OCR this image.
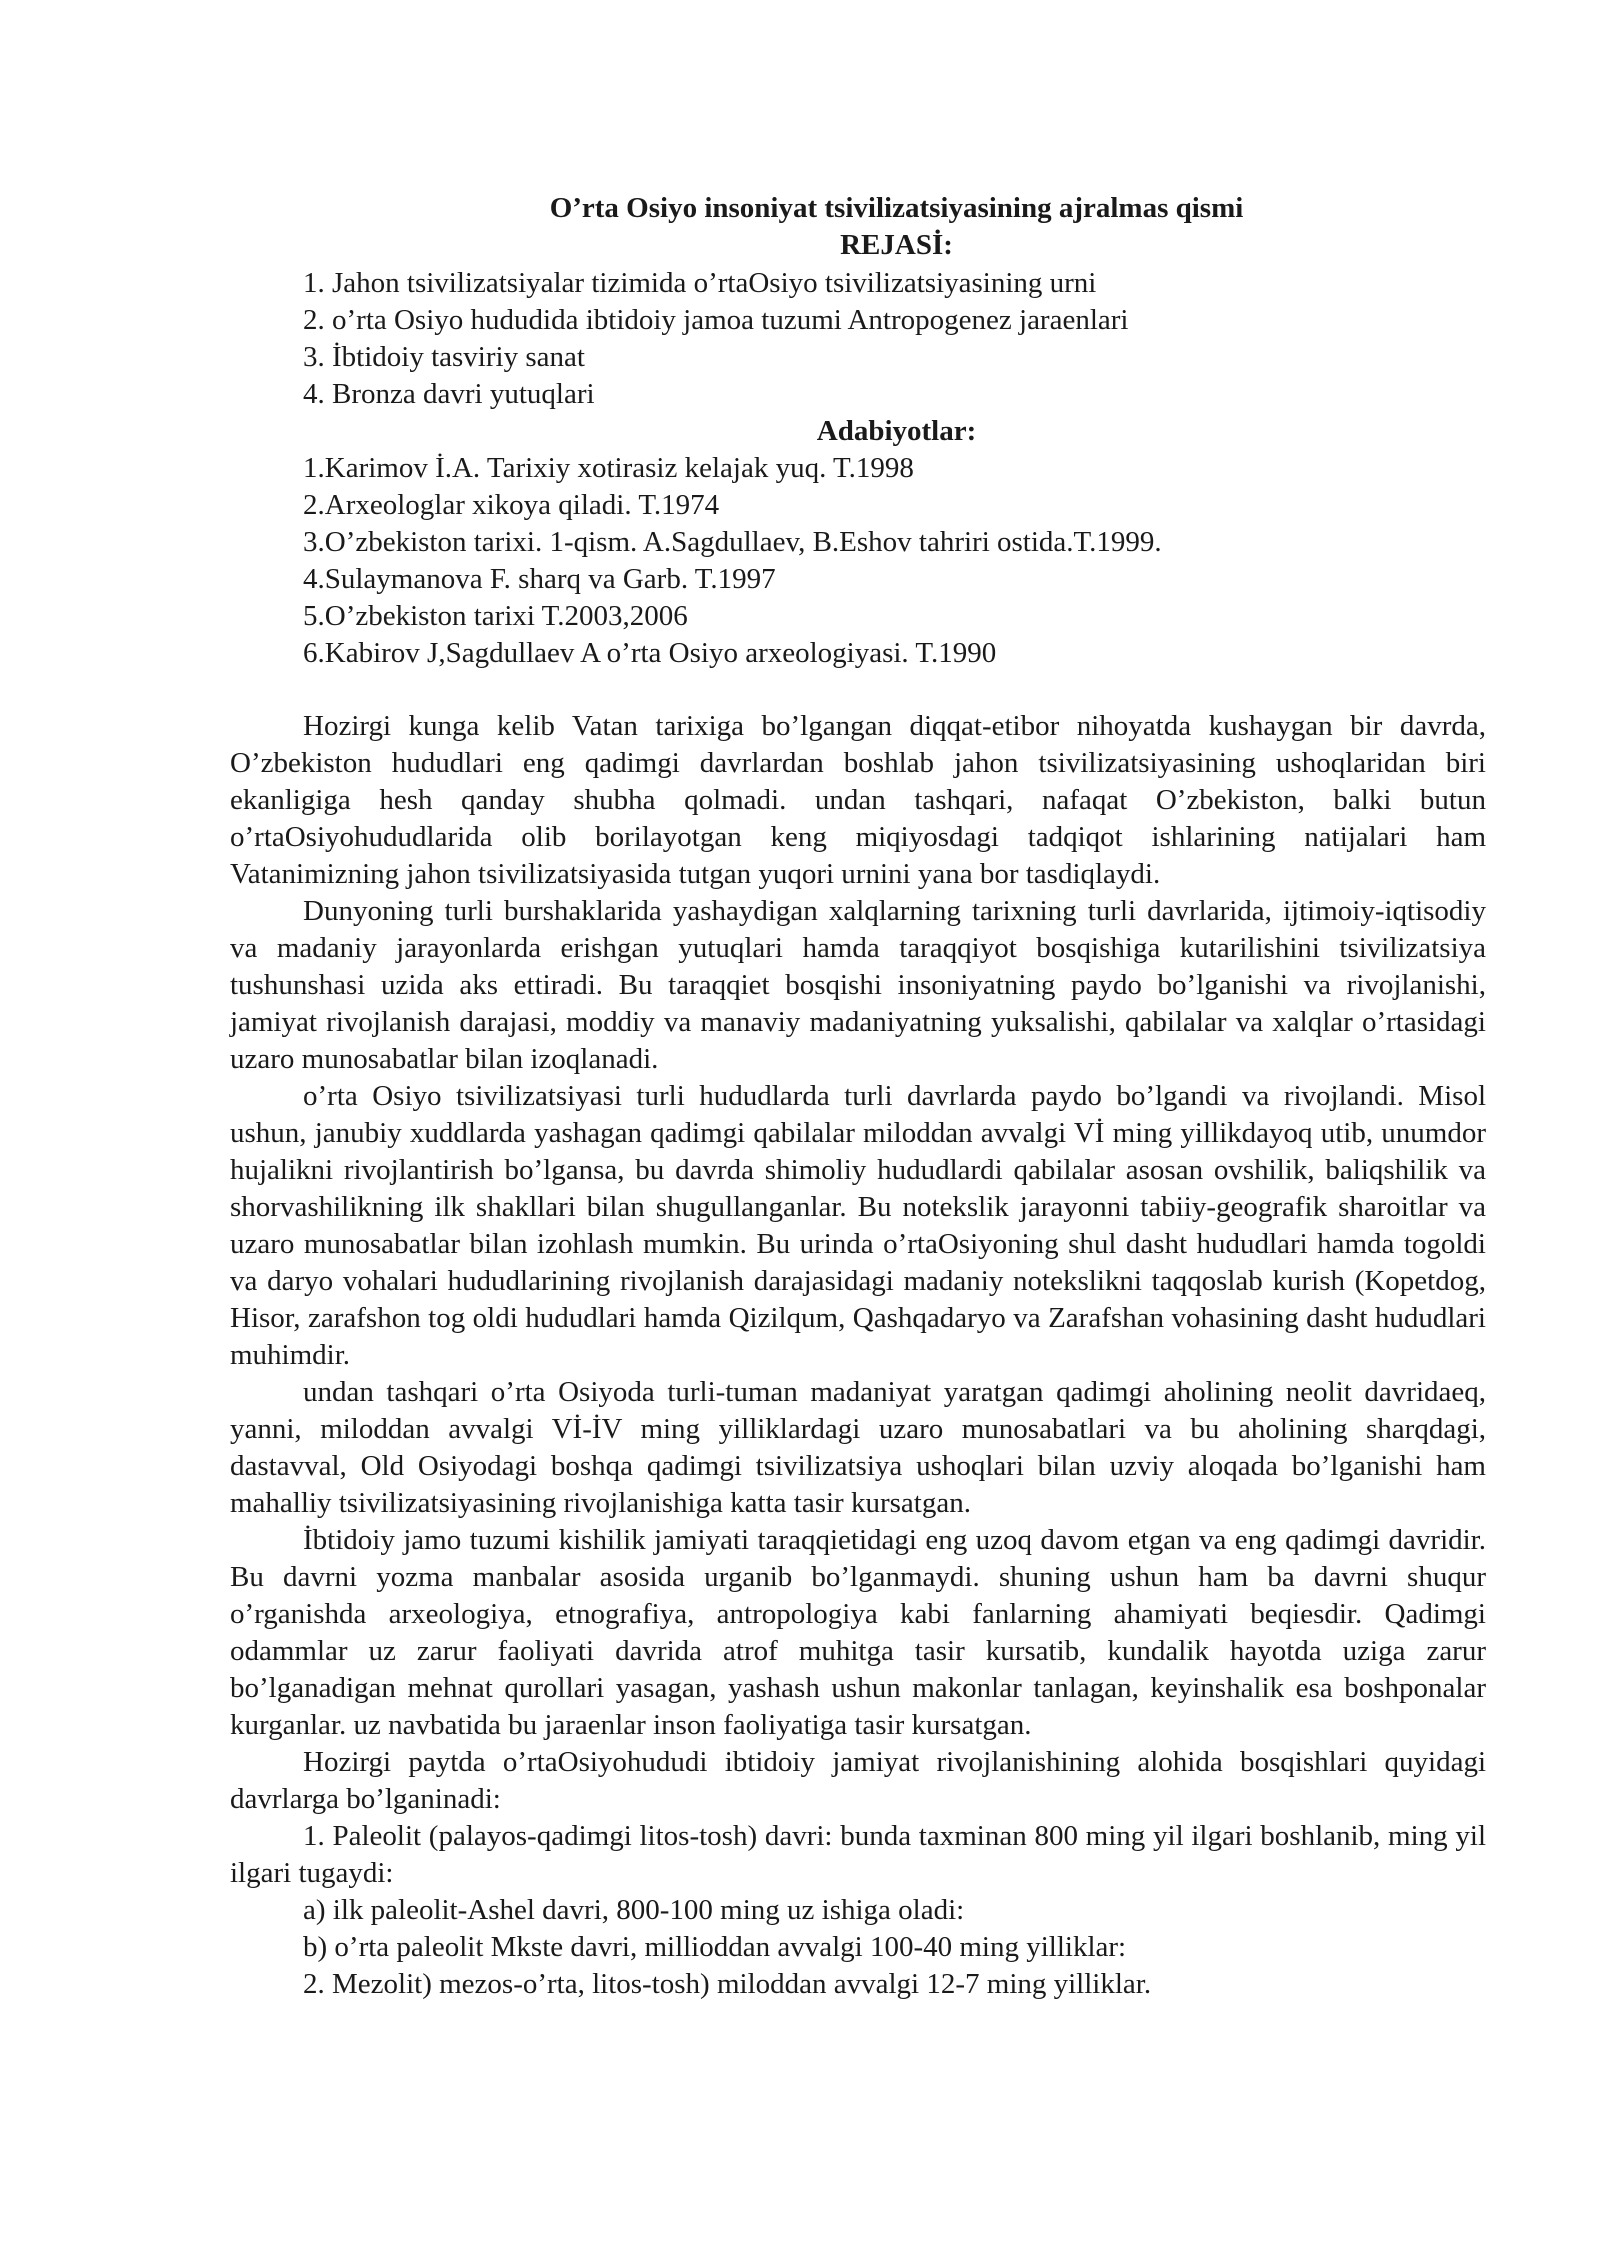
O’rta Osiyo insoniyat tsivilizatsiyasining ajralmas qismi
REJASİ:
1. Jahon tsivilizatsiyalar tizimida o’rtaOsiyo tsivilizatsiyasining urni
2. o’rta Osiyo hududida ibtidoiy jamoa tuzumi Antropogenez jaraenlari
3. İbtidoiy tasviriy sanat
4. Bronza davri yutuqlari
Adabiyotlar:
1.Karimov İ.A. Tarixiy xotirasiz kelajak yuq. T.1998
2.Arxeologlar xikoya qiladi. T.1974
3.O’zbekiston tarixi. 1-qism. A.Sagdullaev, B.Eshov tahriri ostida.T.1999.
4.Sulaymanova F. sharq va Garb. T.1997
5.O’zbekiston tarixi T.2003,2006
6.Kabirov J,Sagdullaev A o’rta Osiyo arxeologiyasi. T.1990

Hozirgi kunga kelib Vatan tarixiga bo’lgangan diqqat-etibor nihoyatda kushaygan bir davrda, O’zbekiston hududlari eng qadimgi davrlardan boshlab jahon tsivilizatsiyasining ushoqlaridan biri ekanligiga hesh qanday shubha qolmadi. undan tashqari, nafaqat O’zbekiston, balki butun o’rtaOsiyohududlarida olib borilayotgan keng miqiyosdagi tadqiqot ishlarining natijalari ham Vatanimizning jahon tsivilizatsiyasida tutgan yuqori urnini yana bor tasdiqlaydi.

Dunyoning turli burshaklarida yashaydigan xalqlarning tarixning turli davrlarida, ijtimoiy-iqtisodiy va madaniy jarayonlarda erishgan yutuqlari hamda taraqqiyot bosqishiga kutarilishini tsivilizatsiya tushunshasi uzida aks ettiradi. Bu taraqqiet bosqishi insoniyatning paydo bo’lganishi va rivojlanishi, jamiyat rivojlanish darajasi, moddiy va manaviy madaniyatning yuksalishi, qabilalar va xalqlar o’rtasidagi uzaro munosabatlar bilan izoqlanadi.

o’rta Osiyo tsivilizatsiyasi turli hududlarda turli davrlarda paydo bo’lgandi va rivojlandi. Misol ushun, janubiy xuddlarda yashagan qadimgi qabilalar miloddan avvalgi Vİ ming yillikdayoq utib, unumdor hujalikni rivojlantirish bo’lgansa, bu davrda shimoliy hududlardi qabilalar asosan ovshilik, baliqshilik va shorvashilikning ilk shakllari bilan shugullanganlar. Bu notekslik jarayonni tabiiy-geografik sharoitlar va uzaro munosabatlar bilan izohlash mumkin. Bu urinda o’rtaOsiyoning shul dasht hududlari hamda togoldi va daryo vohalari hududlarining rivojlanish darajasidagi madaniy notekslikni taqqoslab kurish (Kopetdog, Hisor, zarafshon tog oldi hududlari hamda Qizilqum, Qashqadaryo va Zarafshan vohasining dasht hududlari muhimdir.

undan tashqari o’rta Osiyoda turli-tuman madaniyat yaratgan qadimgi aholining neolit davridaeq, yanni, miloddan avvalgi Vİ-İV ming yilliklardagi uzaro munosabatlari va bu aholining sharqdagi, dastavval, Old Osiyodagi boshqa qadimgi tsivilizatsiya ushoqlari bilan uzviy aloqada bo’lganishi ham mahalliy tsivilizatsiyasining rivojlanishiga katta tasir kursatgan.

İbtidoiy jamo tuzumi kishilik jamiyati taraqqietidagi eng uzoq davom etgan va eng qadimgi davridir. Bu davrni yozma manbalar asosida urganib bo’lganmaydi. shuning ushun ham ba davrni shuqur o’rganishda arxeologiya, etnografiya, antropologiya kabi fanlarning ahamiyati beqiesdir. Qadimgi odammlar uz zarur faoliyati davrida atrof muhitga tasir kursatib, kundalik hayotda uziga zarur bo’lganadigan mehnat qurollari yasagan, yashash ushun makonlar tanlagan, keyinshalik esa boshponalar kurganlar. uz navbatida bu jaraenlar inson faoliyatiga tasir kursatgan.

Hozirgi paytda o’rtaOsiyohududi ibtidoiy jamiyat rivojlanishining alohida bosqishlari quyidagi davrlarga bo’lganinadi:

1. Paleolit (palayos-qadimgi litos-tosh) davri: bunda taxminan 800 ming yil ilgari boshlanib, ming yil ilgari tugaydi:

a) ilk paleolit-Ashel davri, 800-100 ming uz ishiga oladi:

b) o’rta paleolit Mkste davri, millioddan avvalgi 100-40 ming yilliklar:

2. Mezolit) mezos-o’rta, litos-tosh) miloddan avvalgi 12-7 ming yilliklar.
